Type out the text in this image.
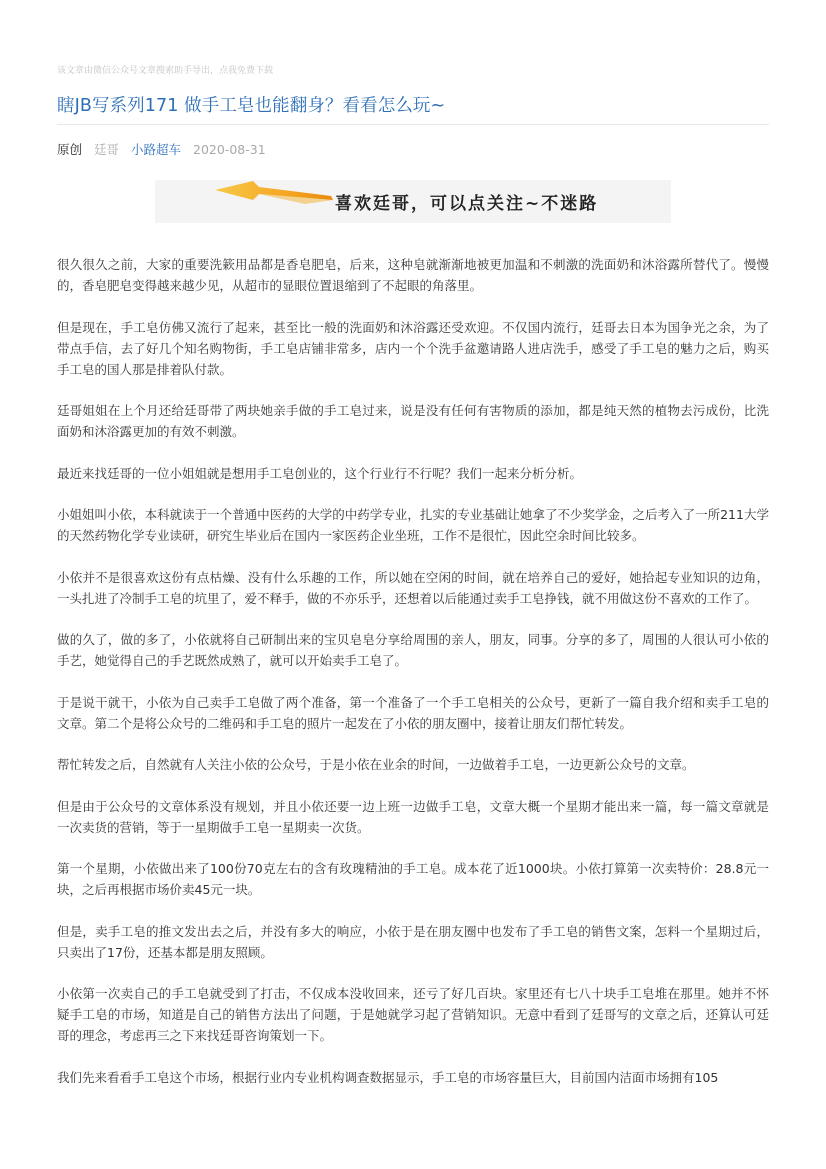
该文章由微信公众号文章搜索助手导出，点我免费下载
瞎JB写系列171 做手工皂也能翻身？看看怎么玩~
原创 廷哥 小路超车 2020-08-31
喜欢廷哥，可以点关注~不迷路

很久很久之前，大家的重要洗簌用品都是香皂肥皂，后来，这种皂就渐渐地被更加温和不刺激的洗面奶和沐浴露所替代了。慢慢的，香皂肥皂变得越来越少见，从超市的显眼位置退缩到了不起眼的角落里。

但是现在，手工皂仿佛又流行了起来，甚至比一般的洗面奶和沐浴露还受欢迎。不仅国内流行，廷哥去日本为国争光之余，为了带点手信，去了好几个知名购物街，手工皂店铺非常多，店内一个个洗手盆邀请路人进店洗手，感受了手工皂的魅力之后，购买手工皂的国人那是排着队付款。

廷哥姐姐在上个月还给廷哥带了两块她亲手做的手工皂过来，说是没有任何有害物质的添加，都是纯天然的植物去污成份，比洗面奶和沐浴露更加的有效不刺激。

最近来找廷哥的一位小姐姐就是想用手工皂创业的，这个行业行不行呢？我们一起来分析分析。

小姐姐叫小依，本科就读于一个普通中医药的大学的中药学专业，扎实的专业基础让她拿了不少奖学金，之后考入了一所211大学的天然药物化学专业读研，研究生毕业后在国内一家医药企业坐班，工作不是很忙，因此空余时间比较多。

小依并不是很喜欢这份有点枯燥、没有什么乐趣的工作，所以她在空闲的时间，就在培养自己的爱好，她拾起专业知识的边角，一头扎进了冷制手工皂的坑里了，爱不释手，做的不亦乐乎，还想着以后能通过卖手工皂挣钱，就不用做这份不喜欢的工作了。

做的久了，做的多了，小依就将自己研制出来的宝贝皂皂分享给周围的亲人，朋友，同事。分享的多了，周围的人很认可小依的手艺，她觉得自己的手艺既然成熟了，就可以开始卖手工皂了。

于是说干就干，小依为自己卖手工皂做了两个准备，第一个准备了一个手工皂相关的公众号，更新了一篇自我介绍和卖手工皂的文章。第二个是将公众号的二维码和手工皂的照片一起发在了小依的朋友圈中，接着让朋友们帮忙转发。

帮忙转发之后，自然就有人关注小依的公众号，于是小依在业余的时间，一边做着手工皂，一边更新公众号的文章。

但是由于公众号的文章体系没有规划，并且小依还要一边上班一边做手工皂，文章大概一个星期才能出来一篇，每一篇文章就是一次卖货的营销，等于一星期做手工皂一星期卖一次货。

第一个星期，小依做出来了100份70克左右的含有玫瑰精油的手工皂。成本花了近1000块。小依打算第一次卖特价：28.8元一块，之后再根据市场价卖45元一块。

但是，卖手工皂的推文发出去之后，并没有多大的响应，小依于是在朋友圈中也发布了手工皂的销售文案，怎料一个星期过后，只卖出了17份，还基本都是朋友照顾。

小依第一次卖自己的手工皂就受到了打击，不仅成本没收回来，还亏了好几百块。家里还有七八十块手工皂堆在那里。她并不怀疑手工皂的市场，知道是自己的销售方法出了问题，于是她就学习起了营销知识。无意中看到了廷哥写的文章之后，还算认可廷哥的理念，考虑再三之下来找廷哥咨询策划一下。

我们先来看看手工皂这个市场，根据行业内专业机构调查数据显示，手工皂的市场容量巨大，目前国内洁面市场拥有105
